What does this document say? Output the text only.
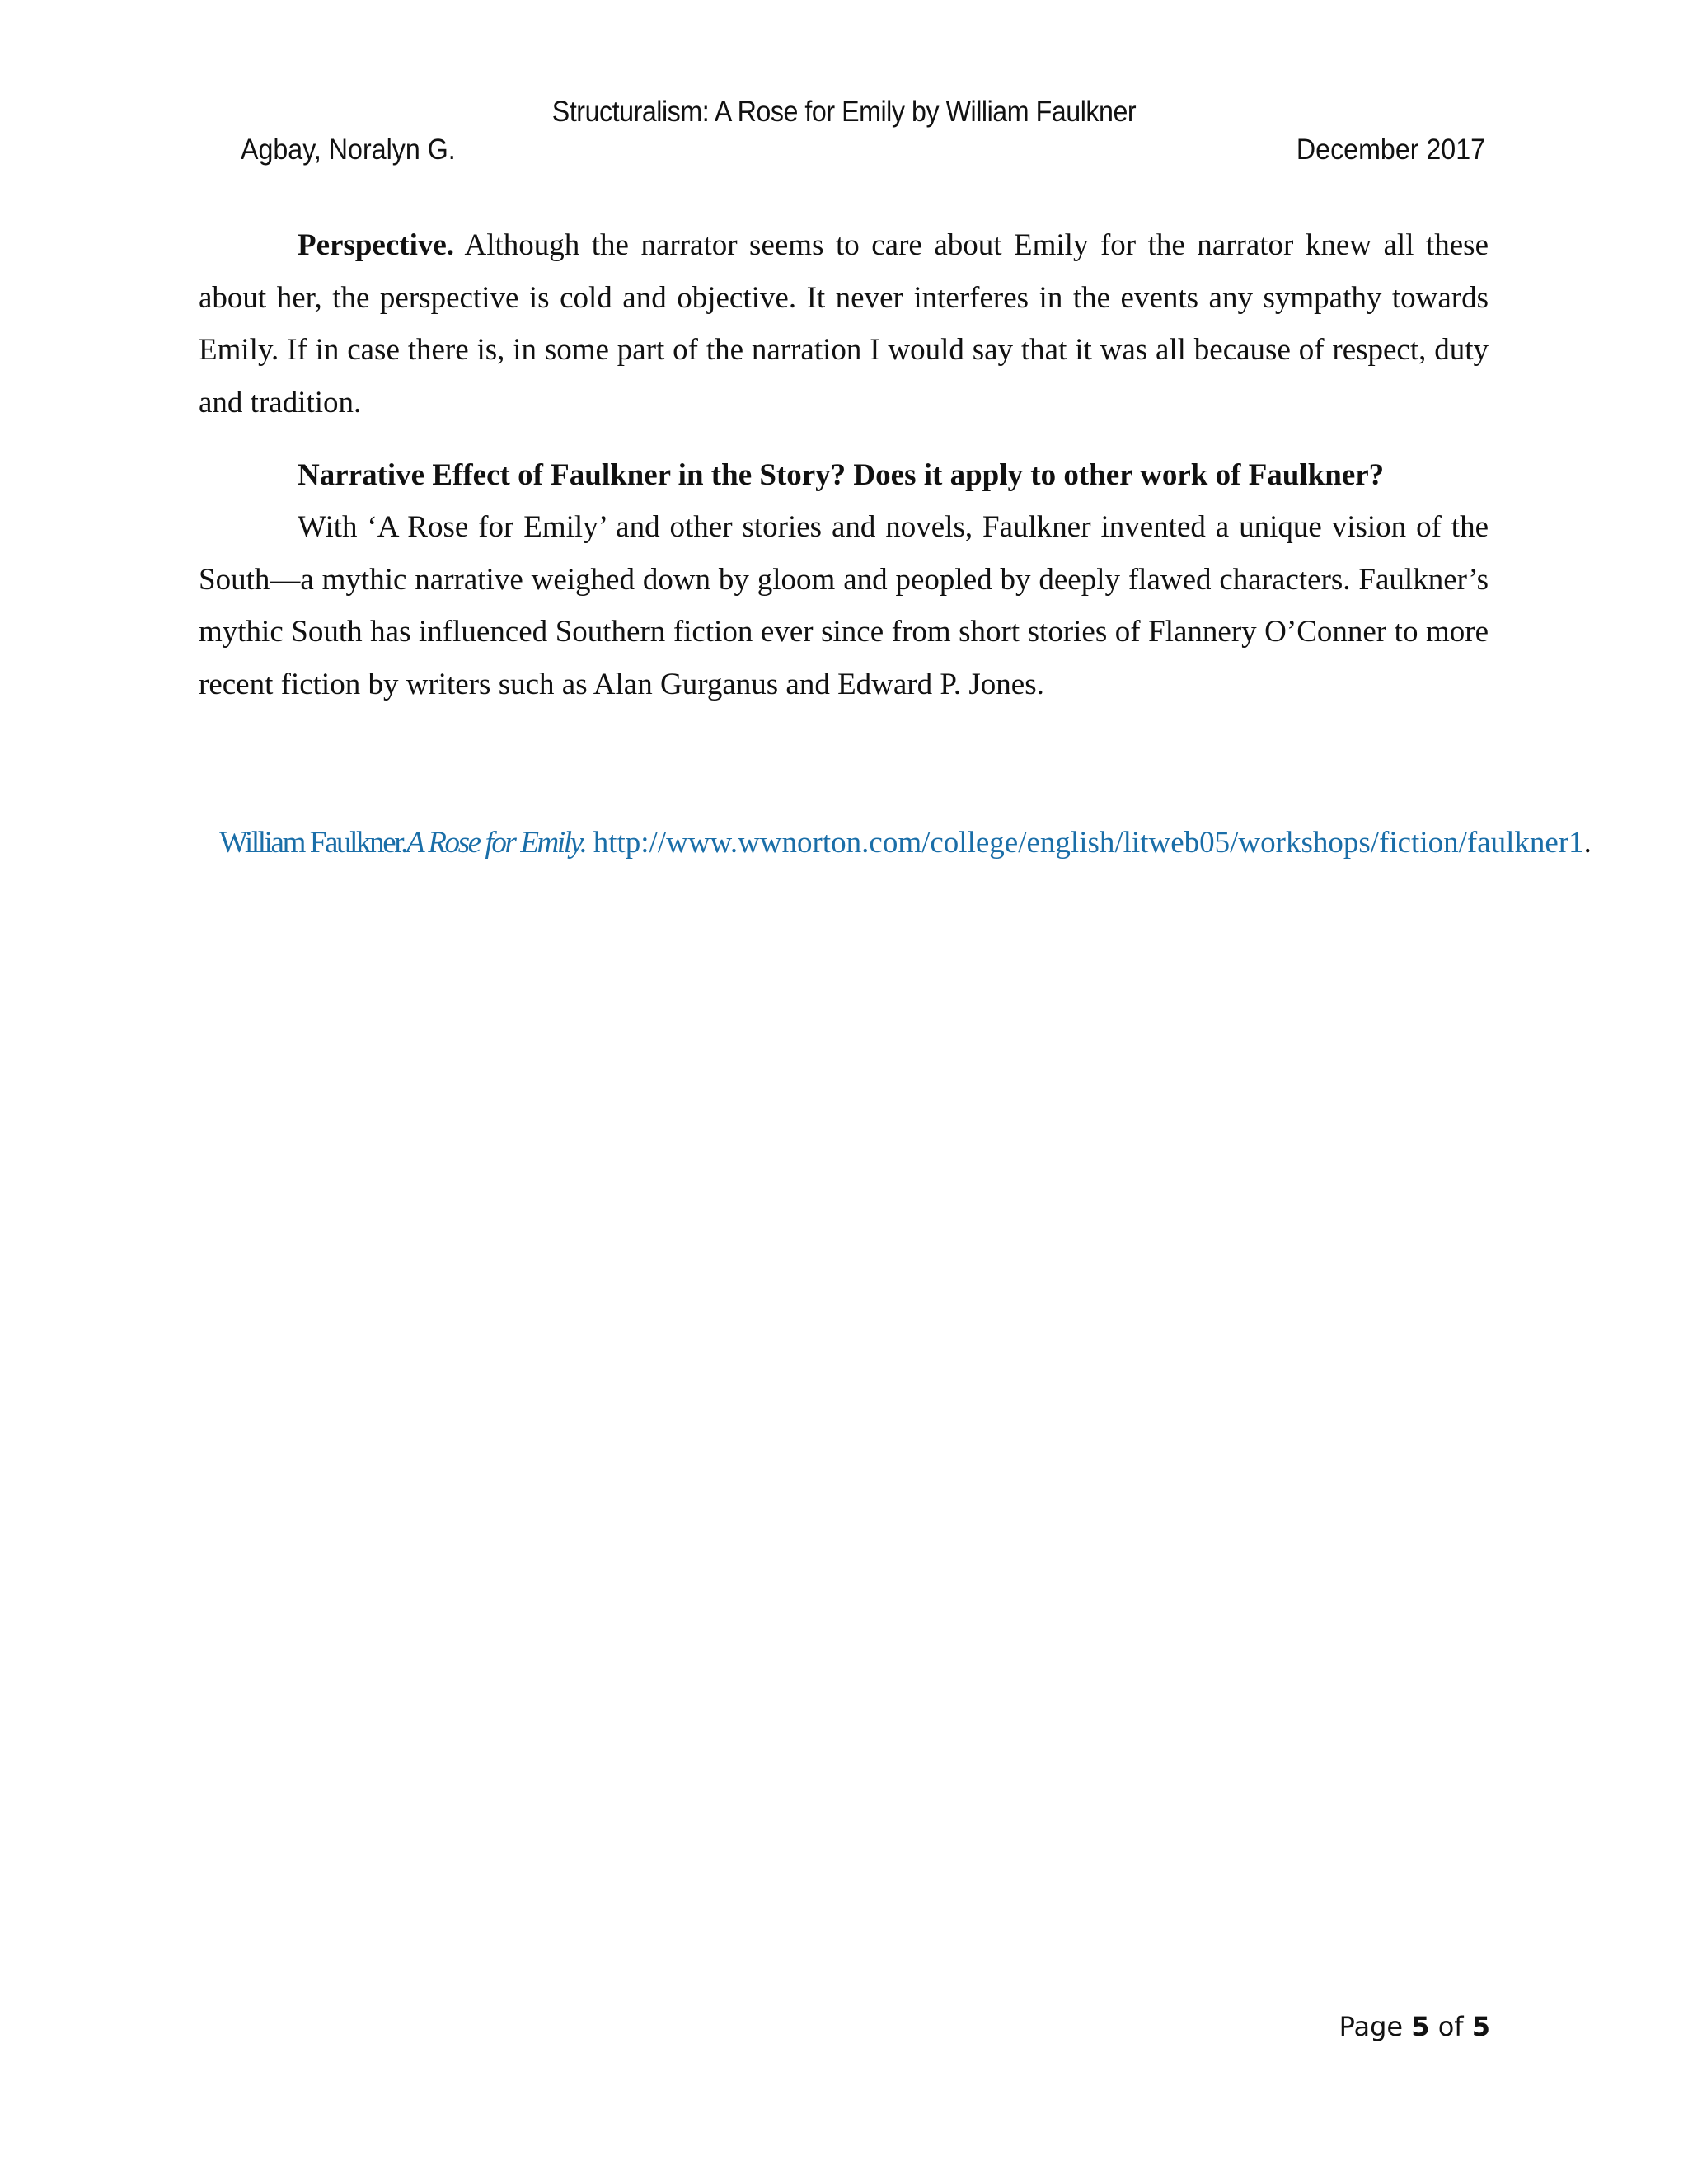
Structuralism: A Rose for Emily by William Faulkner
Agbay, Noralyn G.	December 2017
Perspective. Although the narrator seems to care about Emily for the narrator knew all these about her, the perspective is cold and objective. It never interferes in the events any sympathy towards Emily. If in case there is, in some part of the narration I would say that it was all because of respect, duty and tradition.
Narrative Effect of Faulkner in the Story? Does it apply to other work of Faulkner?
With ‘A Rose for Emily’ and other stories and novels, Faulkner invented a unique vision of the South—a mythic narrative weighed down by gloom and peopled by deeply flawed characters. Faulkner’s mythic South has influenced Southern fiction ever since from short stories of Flannery O’Conner to more recent fiction by writers such as Alan Gurganus and Edward P. Jones.
William Faulkner.A Rose for Emily. http://www.wwnorton.com/college/english/litweb05/workshops/fiction/faulkner1.
Page 5 of 5
